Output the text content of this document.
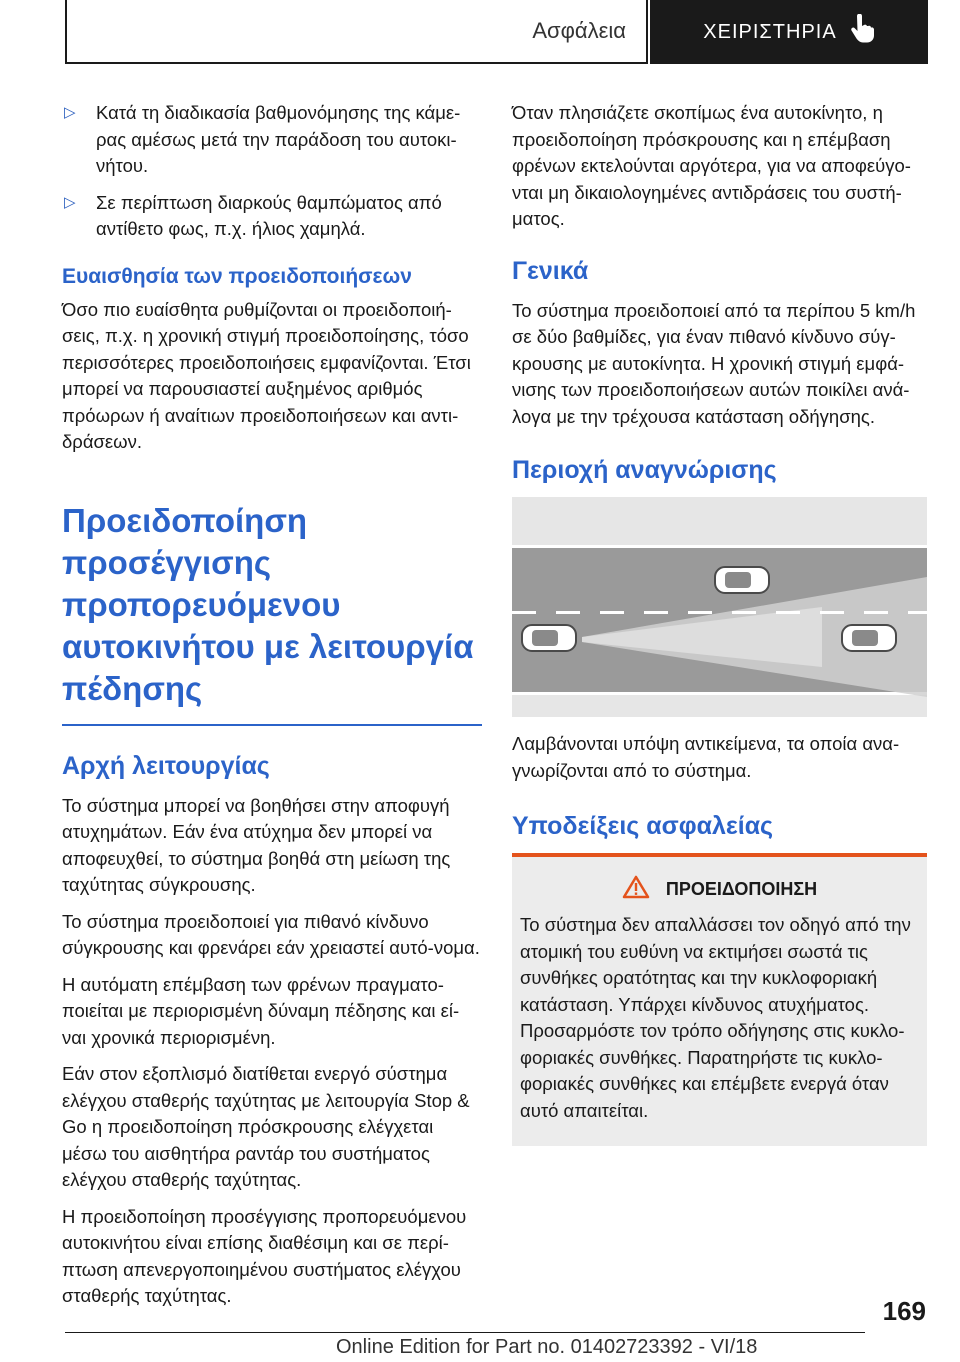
Ασφάλεια	ΧΕΙΡΙΣΤΗΡΙΑ
▷ Κατά τη διαδικασία βαθμονόμησης της κάμε-ρας αμέσως μετά την παράδοση του αυτοκι-νήτου.
▷ Σε περίπτωση διαρκούς θαμπώματος από αντίθετο φως, π.χ. ήλιος χαμηλά.
Ευαισθησία των προειδοποιήσεων

Όσο πιο ευαίσθητα ρυθμίζονται οι προειδοποιή-σεις, π.χ. η χρονική στιγμή προειδοποίησης, τόσο περισσότερες προειδοποιήσεις εμφανίζονται. Έτσι μπορεί να παρουσιαστεί αυξημένος αριθμός πρόωρων ή αναίτιων προειδοποιήσεων και αντι-δράσεων.

Προειδοποίηση προσέγγισης προπορευόμενου αυτοκινήτου με λειτουργία πέδησης
Αρχή λειτουργίας

Το σύστημα μπορεί να βοηθήσει στην αποφυγή ατυχημάτων. Εάν ένα ατύχημα δεν μπορεί να αποφευχθεί, το σύστημα βοηθά στη μείωση της ταχύτητας σύγκρουσης.

Το σύστημα προειδοποιεί για πιθανό κίνδυνο σύγκρουσης και φρενάρει εάν χρειαστεί αυτό-νομα.

Η αυτόματη επέμβαση των φρένων πραγματο-ποιείται με περιορισμένη δύναμη πέδησης και εί-ναι χρονικά περιορισμένη.

Εάν στον εξοπλισμό διατίθεται ενεργό σύστημα ελέγχου σταθερής ταχύτητας με λειτουργία Stop & Go η προειδοποίηση πρόσκρουσης ελέγχεται μέσω του αισθητήρα ραντάρ του συστήματος ελέγχου σταθερής ταχύτητας.

Η προειδοποίηση προσέγγισης προπορευόμενου αυτοκινήτου είναι επίσης διαθέσιμη και σε περί-πτωση απενεργοποιημένου συστήματος ελέγχου σταθερής ταχύτητας.

Όταν πλησιάζετε σκοπίμως ένα αυτοκίνητο, η προειδοποίηση πρόσκρουσης και η επέμβαση φρένων εκτελούνται αργότερα, για να αποφεύγο-νται μη δικαιολογημένες αντιδράσεις του συστή-ματος.

Γενικά

Το σύστημα προειδοποιεί από τα περίπου 5 km/h σε δύο βαθμίδες, για έναν πιθανό κίνδυνο σύγ-κρουσης με αυτοκίνητα. Η χρονική στιγμή εμφά-νισης των προειδοποιήσεων αυτών ποικίλει ανά-λογα με την τρέχουσα κατάσταση οδήγησης.

Περιοχή αναγνώρισης

Λαμβάνονται υπόψη αντικείμενα, τα οποία ανα-γνωρίζονται από το σύστημα.

Υποδείξεις ασφαλείας
ΠΡΟΕΙΔΟΠΟΙΗΣΗ

Το σύστημα δεν απαλλάσσει τον οδηγό από την ατομική του ευθύνη να εκτιμήσει σωστά τις συνθήκες ορατότητας και την κυκλοφοριακή κατάσταση. Υπάρχει κίνδυνος ατυχήματος. Προσαρμόστε τον τρόπο οδήγησης στις κυκλο-φοριακές συνθήκες. Παρατηρήστε τις κυκλο-φοριακές συνθήκες και επέμβετε ενεργά όταν αυτό απαιτείται.

169
Online Edition for Part no. 01402723392 - VI/18
